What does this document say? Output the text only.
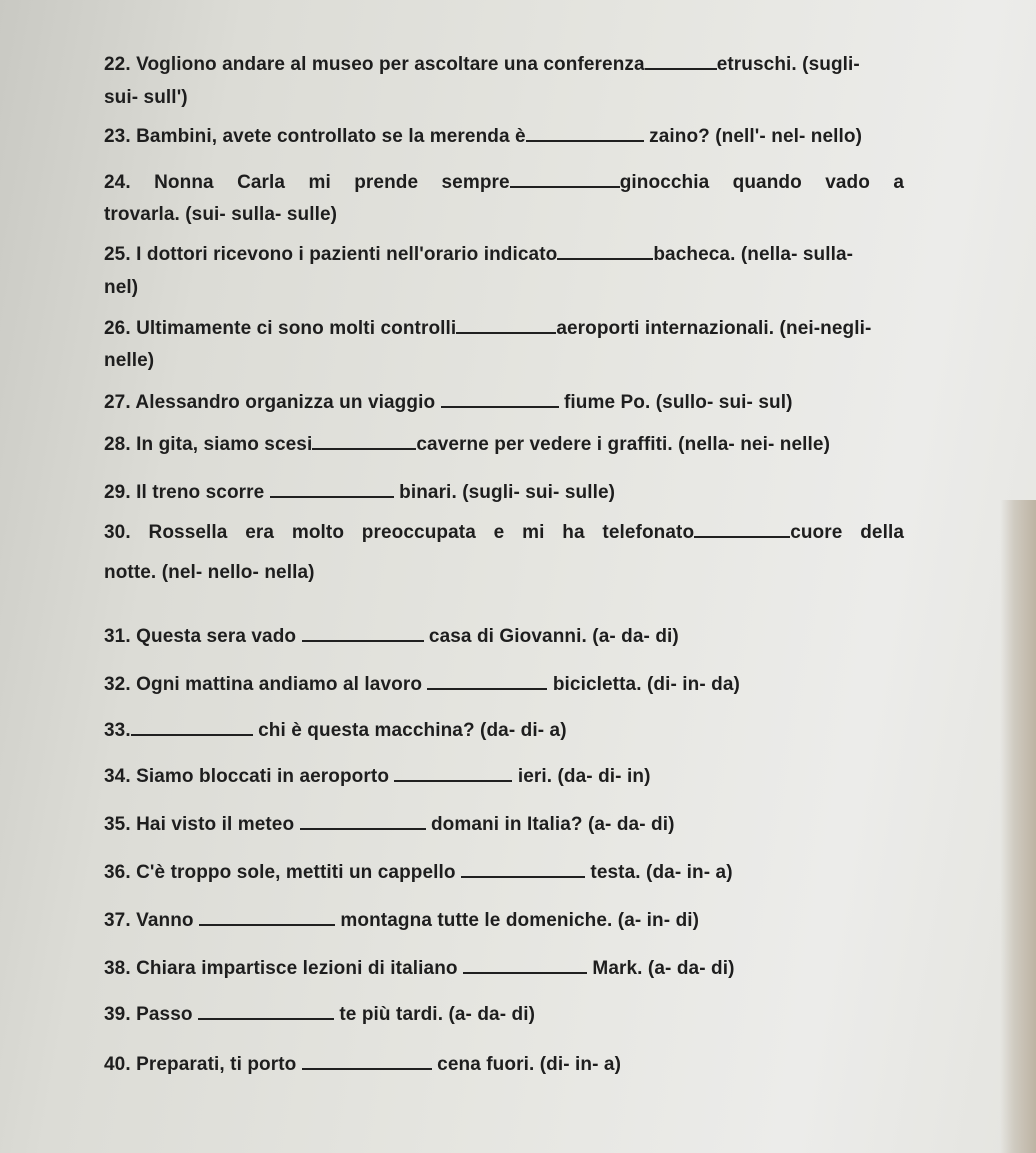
22. Vogliono andare al museo per ascoltare una conferenza	etruschi. (sugli-

sui- sull')

23. Bambini, avete controllato se la merenda è	zaino? (nell'- nel- nello)

24. Nonna Carla mi prende sempre	ginocchia quando vado a

trovarla. (sui- sulla- sulle)

25. I dottori ricevono i pazienti nell'orario indicato	bacheca. (nella- sulla-

nel)

26. Ultimamente ci sono molti controlli	aeroporti internazionali. (nei-negli-

nelle)

27. Alessandro organizza un viaggio	fiume Po. (sullo- sui- sul)

28. In gita, siamo scesi	caverne per vedere i graffiti. (nella- nei- nelle)

29. Il treno scorre	binari. (sugli- sui- sulle)

30. Rossella era molto preoccupata e mi ha telefonato	cuore della

notte. (nel- nello- nella)

31. Questa sera vado	casa di Giovanni. (a- da- di)

32. Ogni mattina andiamo al lavoro	bicicletta. (di- in- da)

33.	chi è questa macchina? (da- di- a)

34. Siamo bloccati in aeroporto	ieri. (da- di- in)

35. Hai visto il meteo	domani in Italia? (a- da- di)

36. C'è troppo sole, mettiti un cappello	testa. (da- in- a)

37. Vanno	montagna tutte le domeniche. (a- in- di)

38. Chiara impartisce lezioni di italiano	Mark. (a- da- di)

39. Passo	te più tardi. (a- da- di)

40. Preparati, ti porto	cena fuori. (di- in- a)
